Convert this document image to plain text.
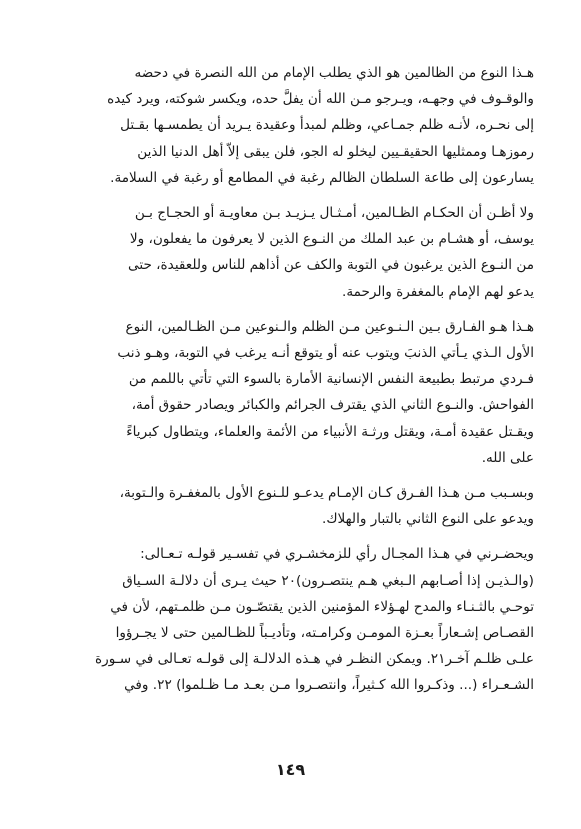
هـذا النوع من الظالمين هو الذي يطلب الإمام من الله النصرة في دحضه
والوقـوف في وجهـه، ويـرجو مـن الله أن يفلَّ حده، ويكسر شوكته، ويرد كيده
إلى نحـره، لأنـه ظلم جمـاعي، وظلم لمبدأ وعقيدة يـريد أن يطمسـها بقـتل
رموزهـا وممثليها الحقيقـيين ليخلو له الجو، فلن يبقى إلاّ أهل الدنيا الذين
يسارعون إلى طاعة السلطان الظالم رغبة في المطامع أو رغبة في السلامة.

ولا أظـن أن الحكـام الظـالمين، أمـثـال يـزيـد بـن معاويـة أو الحجـاج بـن
يوسف، أو هشـام بن عبد الملك من النـوع الذين لا يعرفون ما يفعلون، ولا
من النـوع الذين يرغبون في التوبة والكف عن أذاهم للناس وللعقيدة، حتى
يدعو لهم الإمام بالمغفرة والرحمة.

هـذا هـو الفـارق بـين الـنـوعين مـن الظلم والـنوعين مـن الظـالمين، النوع
الأول الـذي يـأتي الذنبَ ويتوب عنه أو يتوقع أنـه يرغب في التوبة، وهـو ذنب
فـردي مرتبط بطبيعة النفس الإنسانية الأمارة بالسوء التي تأتي باللمم من
الفواحش. والنـوع الثاني الذي يقترف الجرائم والكبائر ويصادر حقوق أمة،
ويقـتل عقيدة أمـة، ويقتل ورثـة الأنبياء من الأئمة والعلماء، ويتطاول كبرياءً
على الله.

وبسـبب مـن هـذا الفـرق كـان الإمـام يدعـو للـنوع الأول بالمغفـرة والـتوبة،
ويدعو على النوع الثاني بالتبار والهلاك.

ويحضـرني في هـذا المجـال رأي للزمخشـري في تفسـير قولـه تـعـالى:
(والـذيـن إذا أصـابهم الـبغي هـم ينتصـرون)٢٠ حيث يـرى أن دلالـة السـياق
توحـي بالثـنـاء والمدح لهـؤلاء المؤمنين الذين يقتصّـون مـن ظلمـتهم، لأن في
القصـاص إشـعاراً بعـزة المومـن وكرامـته، وتأديـباً للظـالمين حتى لا يجـرؤوا
علـى ظلـم آخـر٢١. ويمكن النظـر في هـذه الدلالـة إلى قولـه تعـالى في سـورة
الشـعـراء (... وذكـروا الله كـثيراً، وانتصـروا مـن بعـد مـا ظـلموا) ٢٢. وفي

١٤٩
